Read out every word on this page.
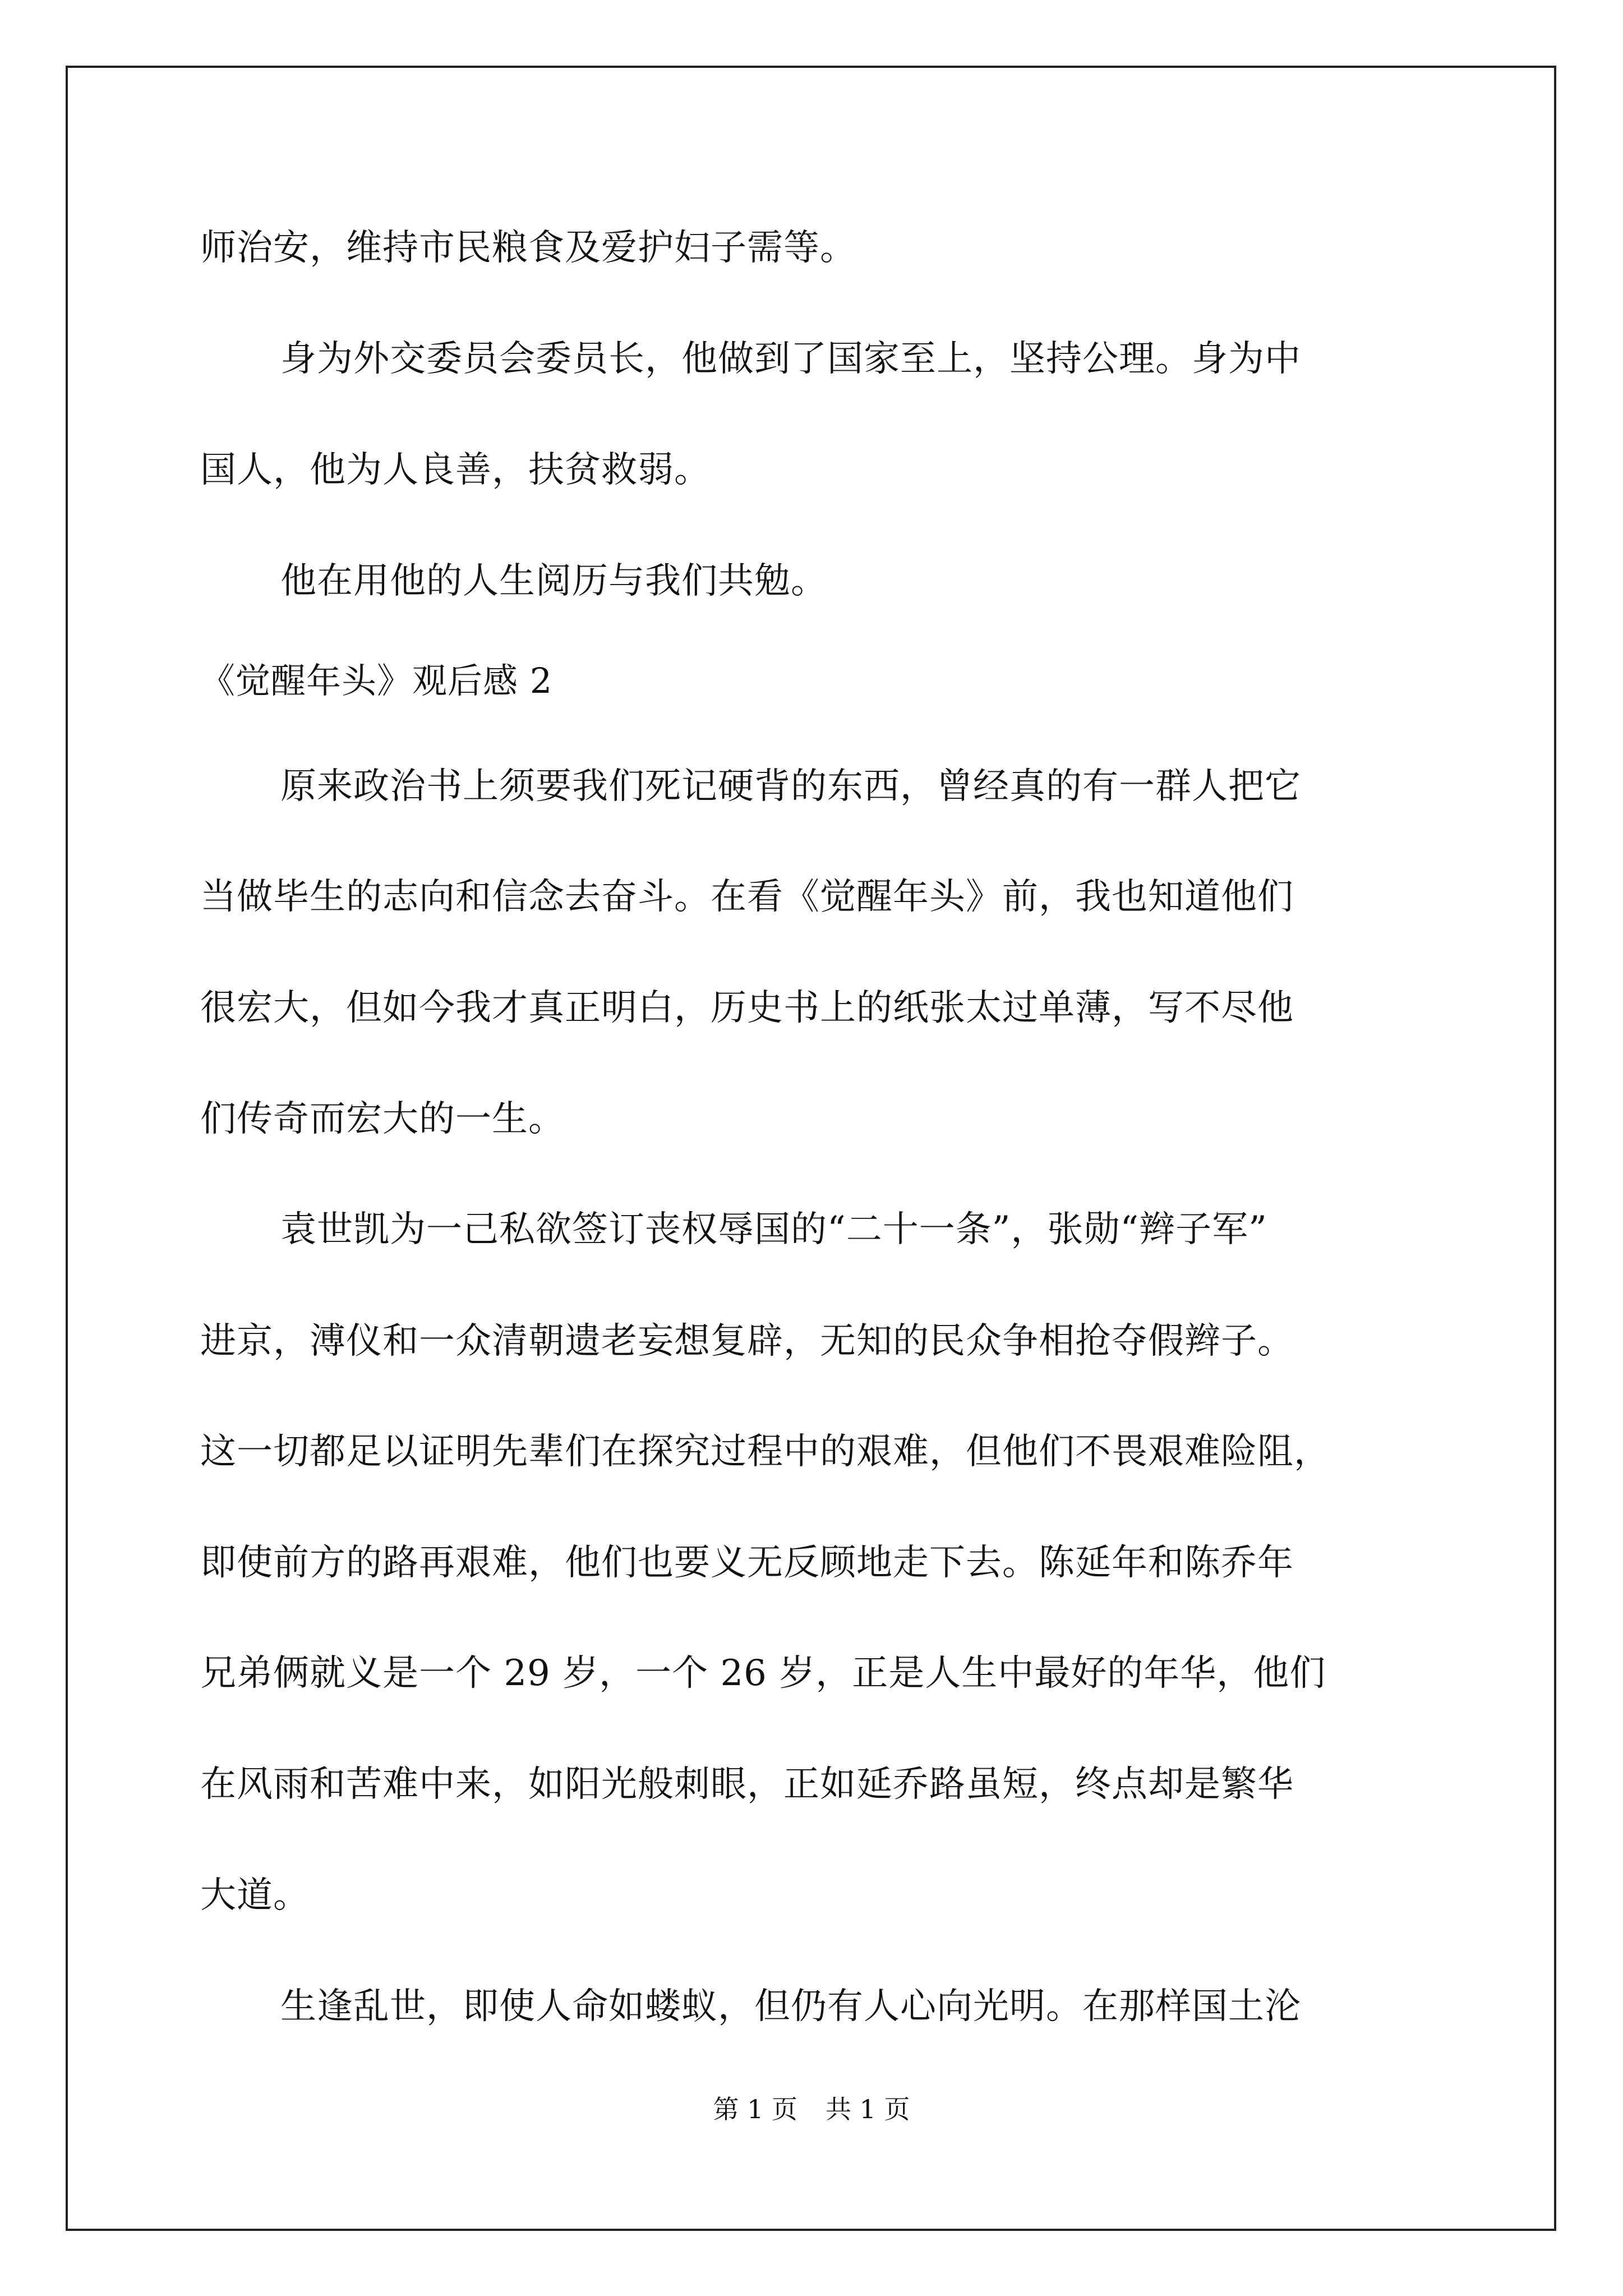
师治安，维持市民粮食及爱护妇子需等。
身为外交委员会委员长，他做到了国家至上，坚持公理。身为中
国人，他为人良善，扶贫救弱。
他在用他的人生阅历与我们共勉。
《觉醒年头》观后感 2
原来政治书上须要我们死记硬背的东西，曾经真的有一群人把它
当做毕生的志向和信念去奋斗。在看《觉醒年头》前，我也知道他们
很宏大，但如今我才真正明白，历史书上的纸张太过单薄，写不尽他
们传奇而宏大的一生。
袁世凯为一己私欲签订丧权辱国的“二十一条”，张勋“辫子军”
进京，溥仪和一众清朝遗老妄想复辟，无知的民众争相抢夺假辫子。
这一切都足以证明先辈们在探究过程中的艰难，但他们不畏艰难险阻，
即使前方的路再艰难，他们也要义无反顾地走下去。陈延年和陈乔年
兄弟俩就义是一个 29 岁，一个 26 岁，正是人生中最好的年华，他们
在风雨和苦难中来，如阳光般刺眼，正如延乔路虽短，终点却是繁华
大道。
生逢乱世，即使人命如蝼蚁，但仍有人心向光明。在那样国土沦
第 1 页 共 1 页
